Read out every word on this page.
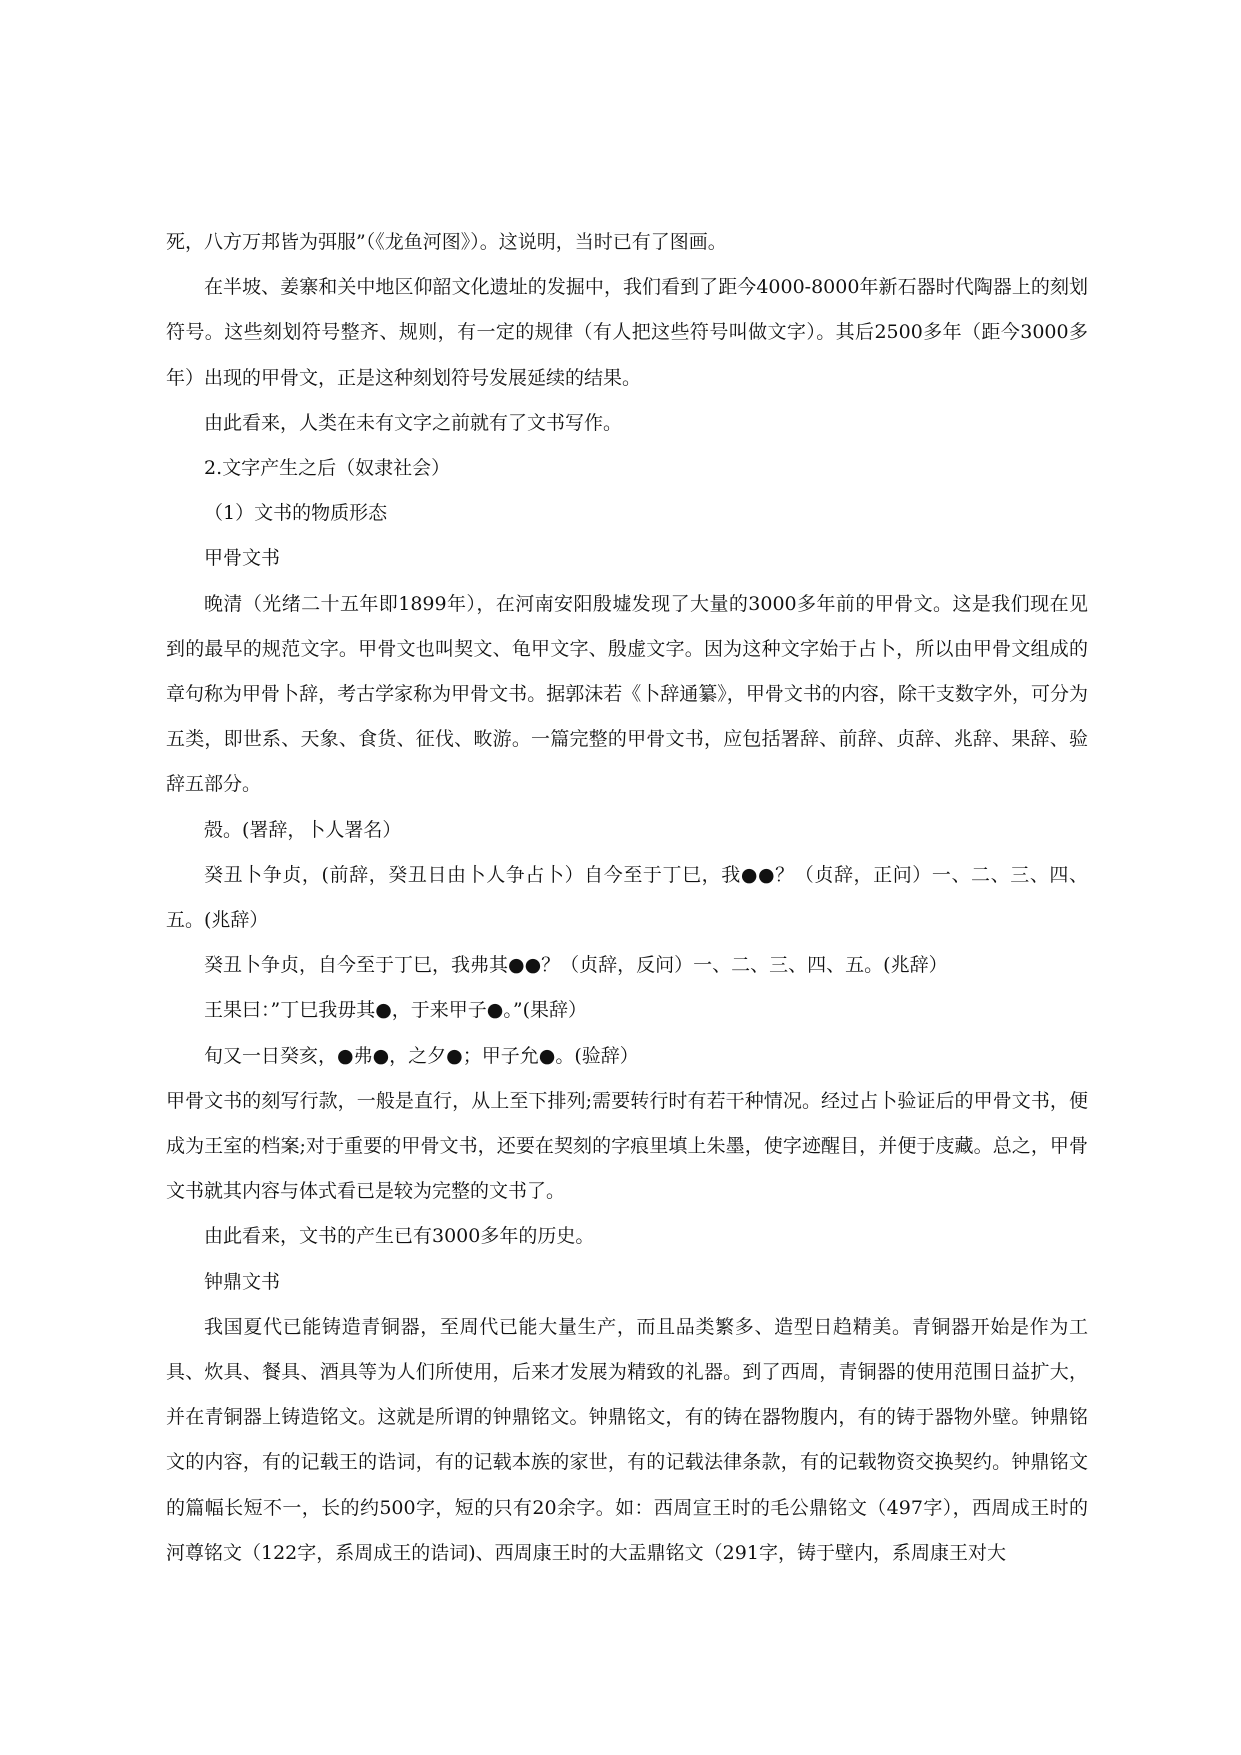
死，八方万邦皆为弭服”（《龙鱼河图》）。这说明，当时已有了图画。

在半坡、姜寨和关中地区仰韶文化遗址的发掘中，我们看到了距今4000-8000年新石器时代陶器上的刻划符号。这些刻划符号整齐、规则，有一定的规律（有人把这些符号叫做文字）。其后2500多年（距今3000多年）出现的甲骨文，正是这种刻划符号发展延续的结果。

由此看来，人类在未有文字之前就有了文书写作。

2.文字产生之后（奴隶社会）

（1）文书的物质形态

甲骨文书

晚清（光绪二十五年即1899年），在河南安阳殷墟发现了大量的3000多年前的甲骨文。这是我们现在见到的最早的规范文字。甲骨文也叫契文、龟甲文字、殷虚文字。因为这种文字始于占卜，所以由甲骨文组成的章句称为甲骨卜辞，考古学家称为甲骨文书。据郭沫若《卜辞通纂》，甲骨文书的内容，除干支数字外，可分为五类，即世系、天象、食货、征伐、畋游。一篇完整的甲骨文书，应包括署辞、前辞、贞辞、兆辞、果辞、验辞五部分。

殻。(署辞，卜人署名）

癸丑卜争贞，(前辞，癸丑日由卜人争占卜）自今至于丁巳，我●●？（贞辞，正问）一、二、三、四、五。(兆辞）

癸丑卜争贞，自今至于丁巳，我弗其●●？（贞辞，反问）一、二、三、四、五。(兆辞）

王果曰：”丁巳我毋其●，于来甲子●。”(果辞）

旬又一日癸亥，●弗●，之夕●；甲子允●。(验辞）

甲骨文书的刻写行款，一般是直行，从上至下排列;需要转行时有若干种情况。经过占卜验证后的甲骨文书，便成为王室的档案;对于重要的甲骨文书，还要在契刻的字痕里填上朱墨，使字迹醒目，并便于庋藏。总之，甲骨文书就其内容与体式看已是较为完整的文书了。

由此看来，文书的产生已有3000多年的历史。

钟鼎文书

我国夏代已能铸造青铜器，至周代已能大量生产，而且品类繁多、造型日趋精美。青铜器开始是作为工具、炊具、餐具、酒具等为人们所使用，后来才发展为精致的礼器。到了西周，青铜器的使用范围日益扩大，并在青铜器上铸造铭文。这就是所谓的钟鼎铭文。钟鼎铭文，有的铸在器物腹内，有的铸于器物外壁。钟鼎铭文的内容，有的记载王的诰词，有的记载本族的家世，有的记载法律条款，有的记载物资交换契约。钟鼎铭文的篇幅长短不一，长的约500字，短的只有20余字。如：西周宣王时的毛公鼎铭文（497字），西周成王时的河尊铭文（122字，系周成王的诰词)、西周康王时的大盂鼎铭文（291字，铸于壁内，系周康王对大
